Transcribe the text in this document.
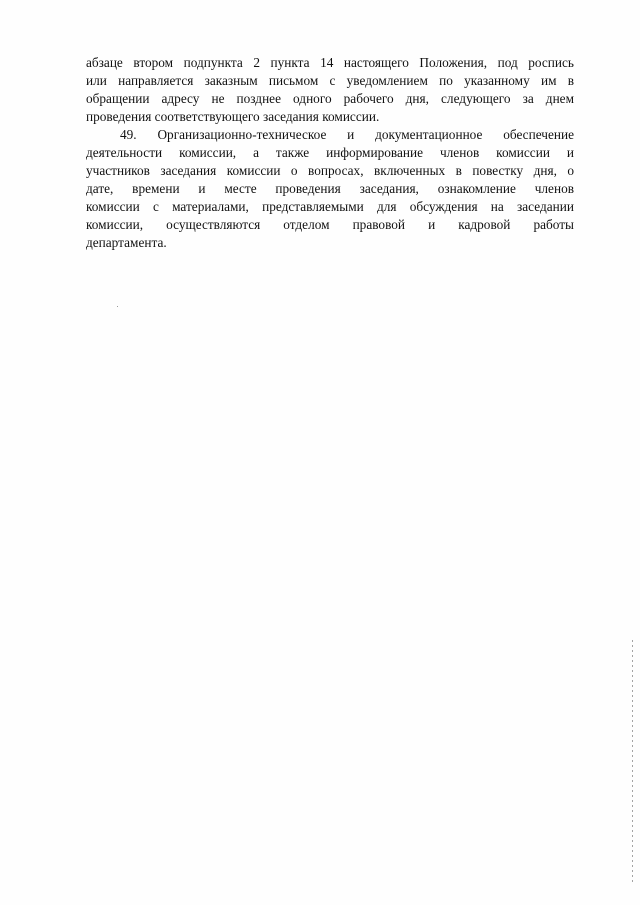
абзаце втором подпункта 2 пункта 14 настоящего Положения, под роспись
или направляется заказным письмом с уведомлением по указанному им в
обращении адресу не позднее одного рабочего дня, следующего за днем
проведения соответствующего заседания комиссии.
49. Организационно-техническое и документационное обеспечение
деятельности комиссии, а также информирование членов комиссии и
участников заседания комиссии о вопросах, включенных в повестку дня, о
дате, времени и месте проведения заседания, ознакомление членов
комиссии с материалами, представляемыми для обсуждения на заседании
комиссии, осуществляются отделом правовой и кадровой работы
департамента.
